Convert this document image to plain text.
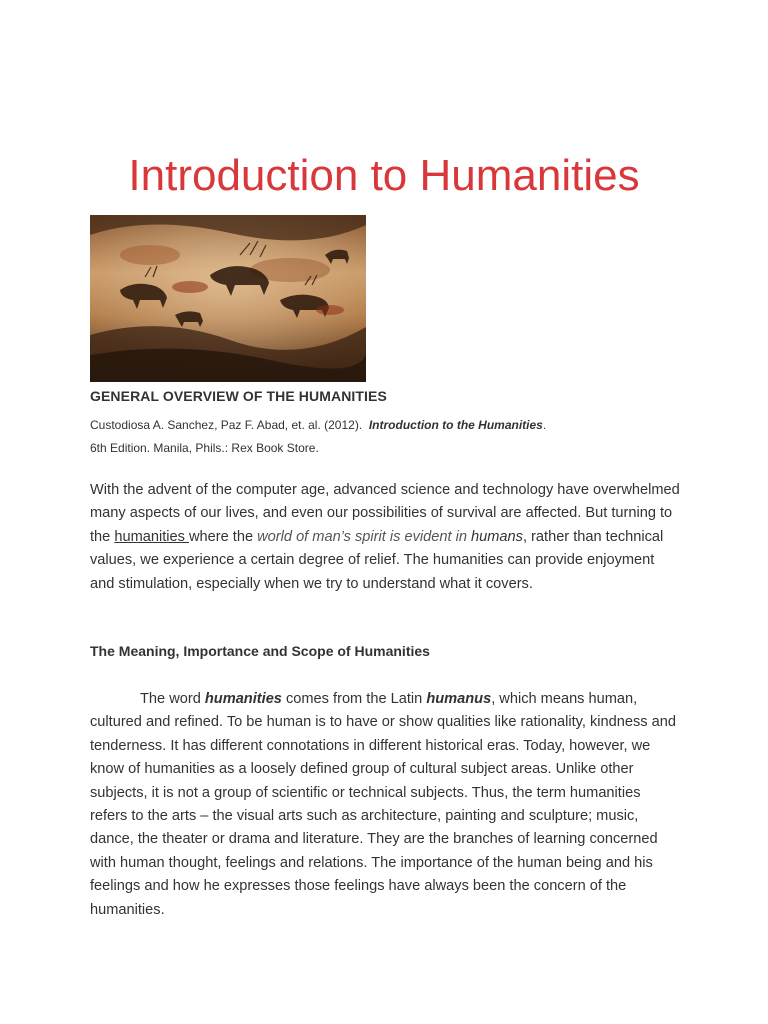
Introduction to Humanities
GENERAL OVERVIEW OF THE HUMANITIES
Custodiosa A. Sanchez, Paz F. Abad, et. al. (2012). Introduction to the Humanities.
6th Edition. Manila, Phils.: Rex Book Store.

With the advent of the computer age, advanced science and technology have overwhelmed many aspects of our lives, and even our possibilities of survival are affected. But turning to the humanities where the world of man’s spirit is evident in humans, rather than technical values, we experience a certain degree of relief. The humanities can provide enjoyment and stimulation, especially when we try to understand what it covers.

The Meaning, Importance and Scope of Humanities

The word humanities comes from the Latin humanus, which means human, cultured and refined. To be human is to have or show qualities like rationality, kindness and tenderness. It has different connotations in different historical eras. Today, however, we know of humanities as a loosely defined group of cultural subject areas. Unlike other subjects, it is not a group of scientific or technical subjects. Thus, the term humanities refers to the arts – the visual arts such as architecture, painting and sculpture; music, dance, the theater or drama and literature. They are the branches of learning concerned with human thought, feelings and relations. The importance of the human being and his feelings and how he expresses those feelings have always been the concern of the humanities.
